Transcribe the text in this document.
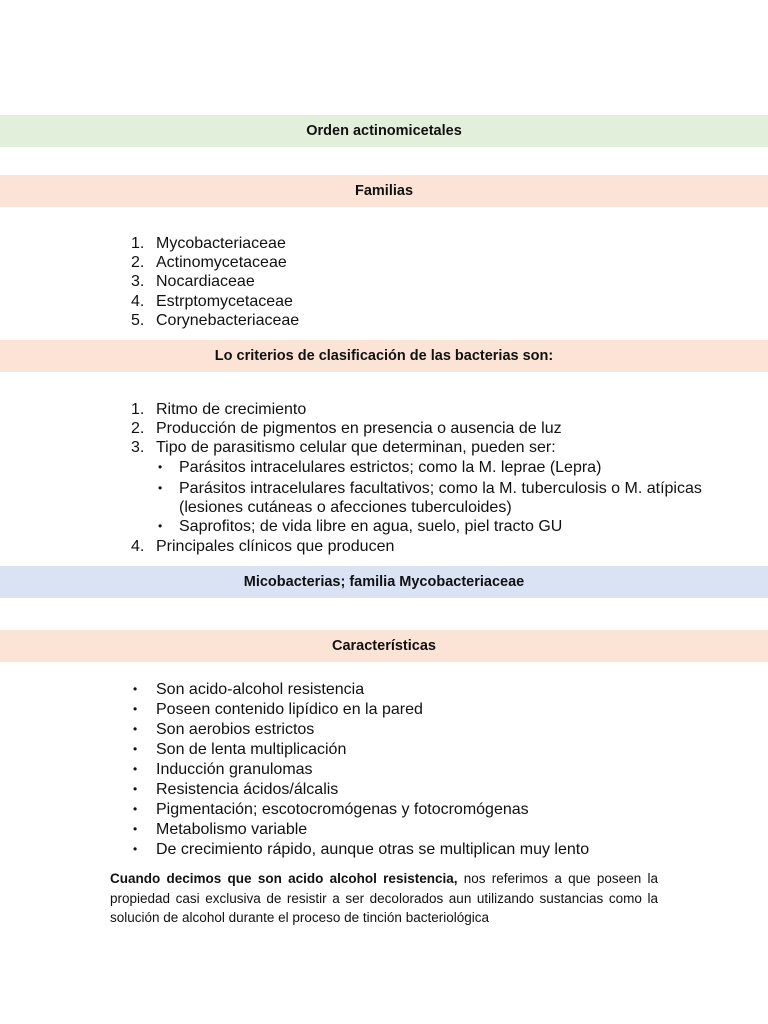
Orden actinomicetales
Familias
1. Mycobacteriaceae
2. Actinomycetaceae
3. Nocardiaceae
4. Estrptomycetaceae
5. Corynebacteriaceae
Lo criterios de clasificación de las bacterias son:
1. Ritmo de crecimiento
2. Producción de pigmentos en presencia o ausencia de luz
3. Tipo de parasitismo celular que determinan, pueden ser:
• Parásitos intracelulares estrictos; como la M. leprae (Lepra)
• Parásitos intracelulares facultativos; como la M. tuberculosis o M. atípicas
(lesiones cutáneas o afecciones tuberculoides)
• Saprofitos; de vida libre en agua, suelo, piel tracto GU
4. Principales clínicos que producen
Micobacterias; familia Mycobacteriaceae
Características
• Son acido-alcohol resistencia
• Poseen contenido lipídico en la pared
• Son aerobios estrictos
• Son de lenta multiplicación
• Inducción granulomas
• Resistencia ácidos/álcalis
• Pigmentación; escotocromógenas y fotocromógenas
• Metabolismo variable
• De crecimiento rápido, aunque otras se multiplican muy lento
Cuando decimos que son acido alcohol resistencia, nos referimos a que poseen la propiedad casi exclusiva de resistir a ser decolorados aun utilizando sustancias como la solución de alcohol durante el proceso de tinción bacteriológica
